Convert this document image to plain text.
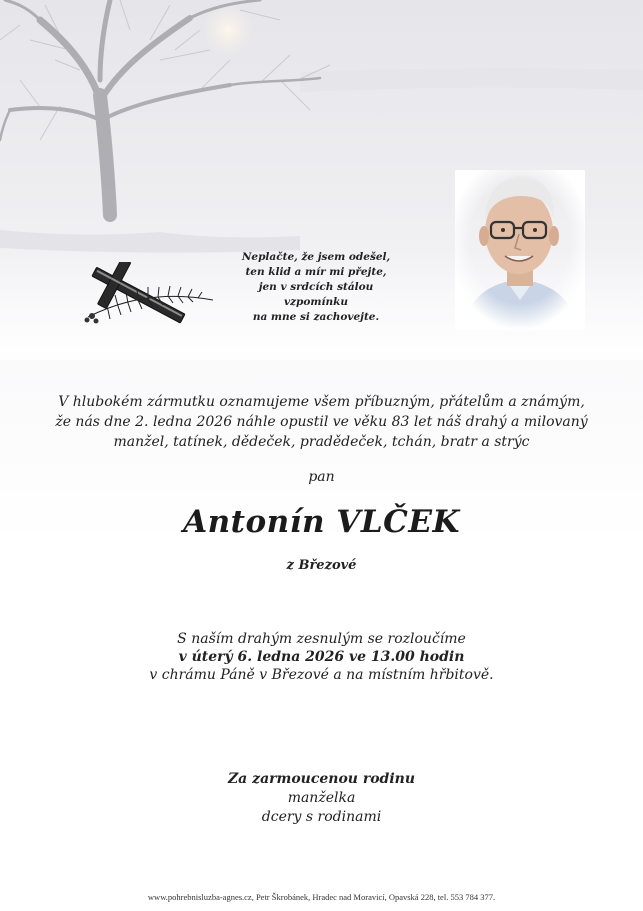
Neplačte, že jsem odešel,
ten klid a mír mi přejte,
jen v srdcích stálou vzpomínku
na mne si zachovejte.
V hlubokém zármutku oznamujeme všem příbuzným, přátelům a známým,
že nás dne 2. ledna 2026 náhle opustil ve věku 83 let náš drahý a milovaný
manžel, tatínek, dědeček, pradědeček, tchán, bratr a strýc
pan
Antonín VLČEK
z Březové
S naším drahým zesnulým se rozloučíme
v úterý 6. ledna 2026 ve 13.00 hodin
v chrámu Páně v Březové a na místním hřbitově.
Za zarmoucenou rodinu
manželka
dcery s rodinami
www.pohrebnisluzba-agnes.cz, Petr Škrobánek, Hradec nad Moravicí, Opavská 228, tel. 553 784 377.
